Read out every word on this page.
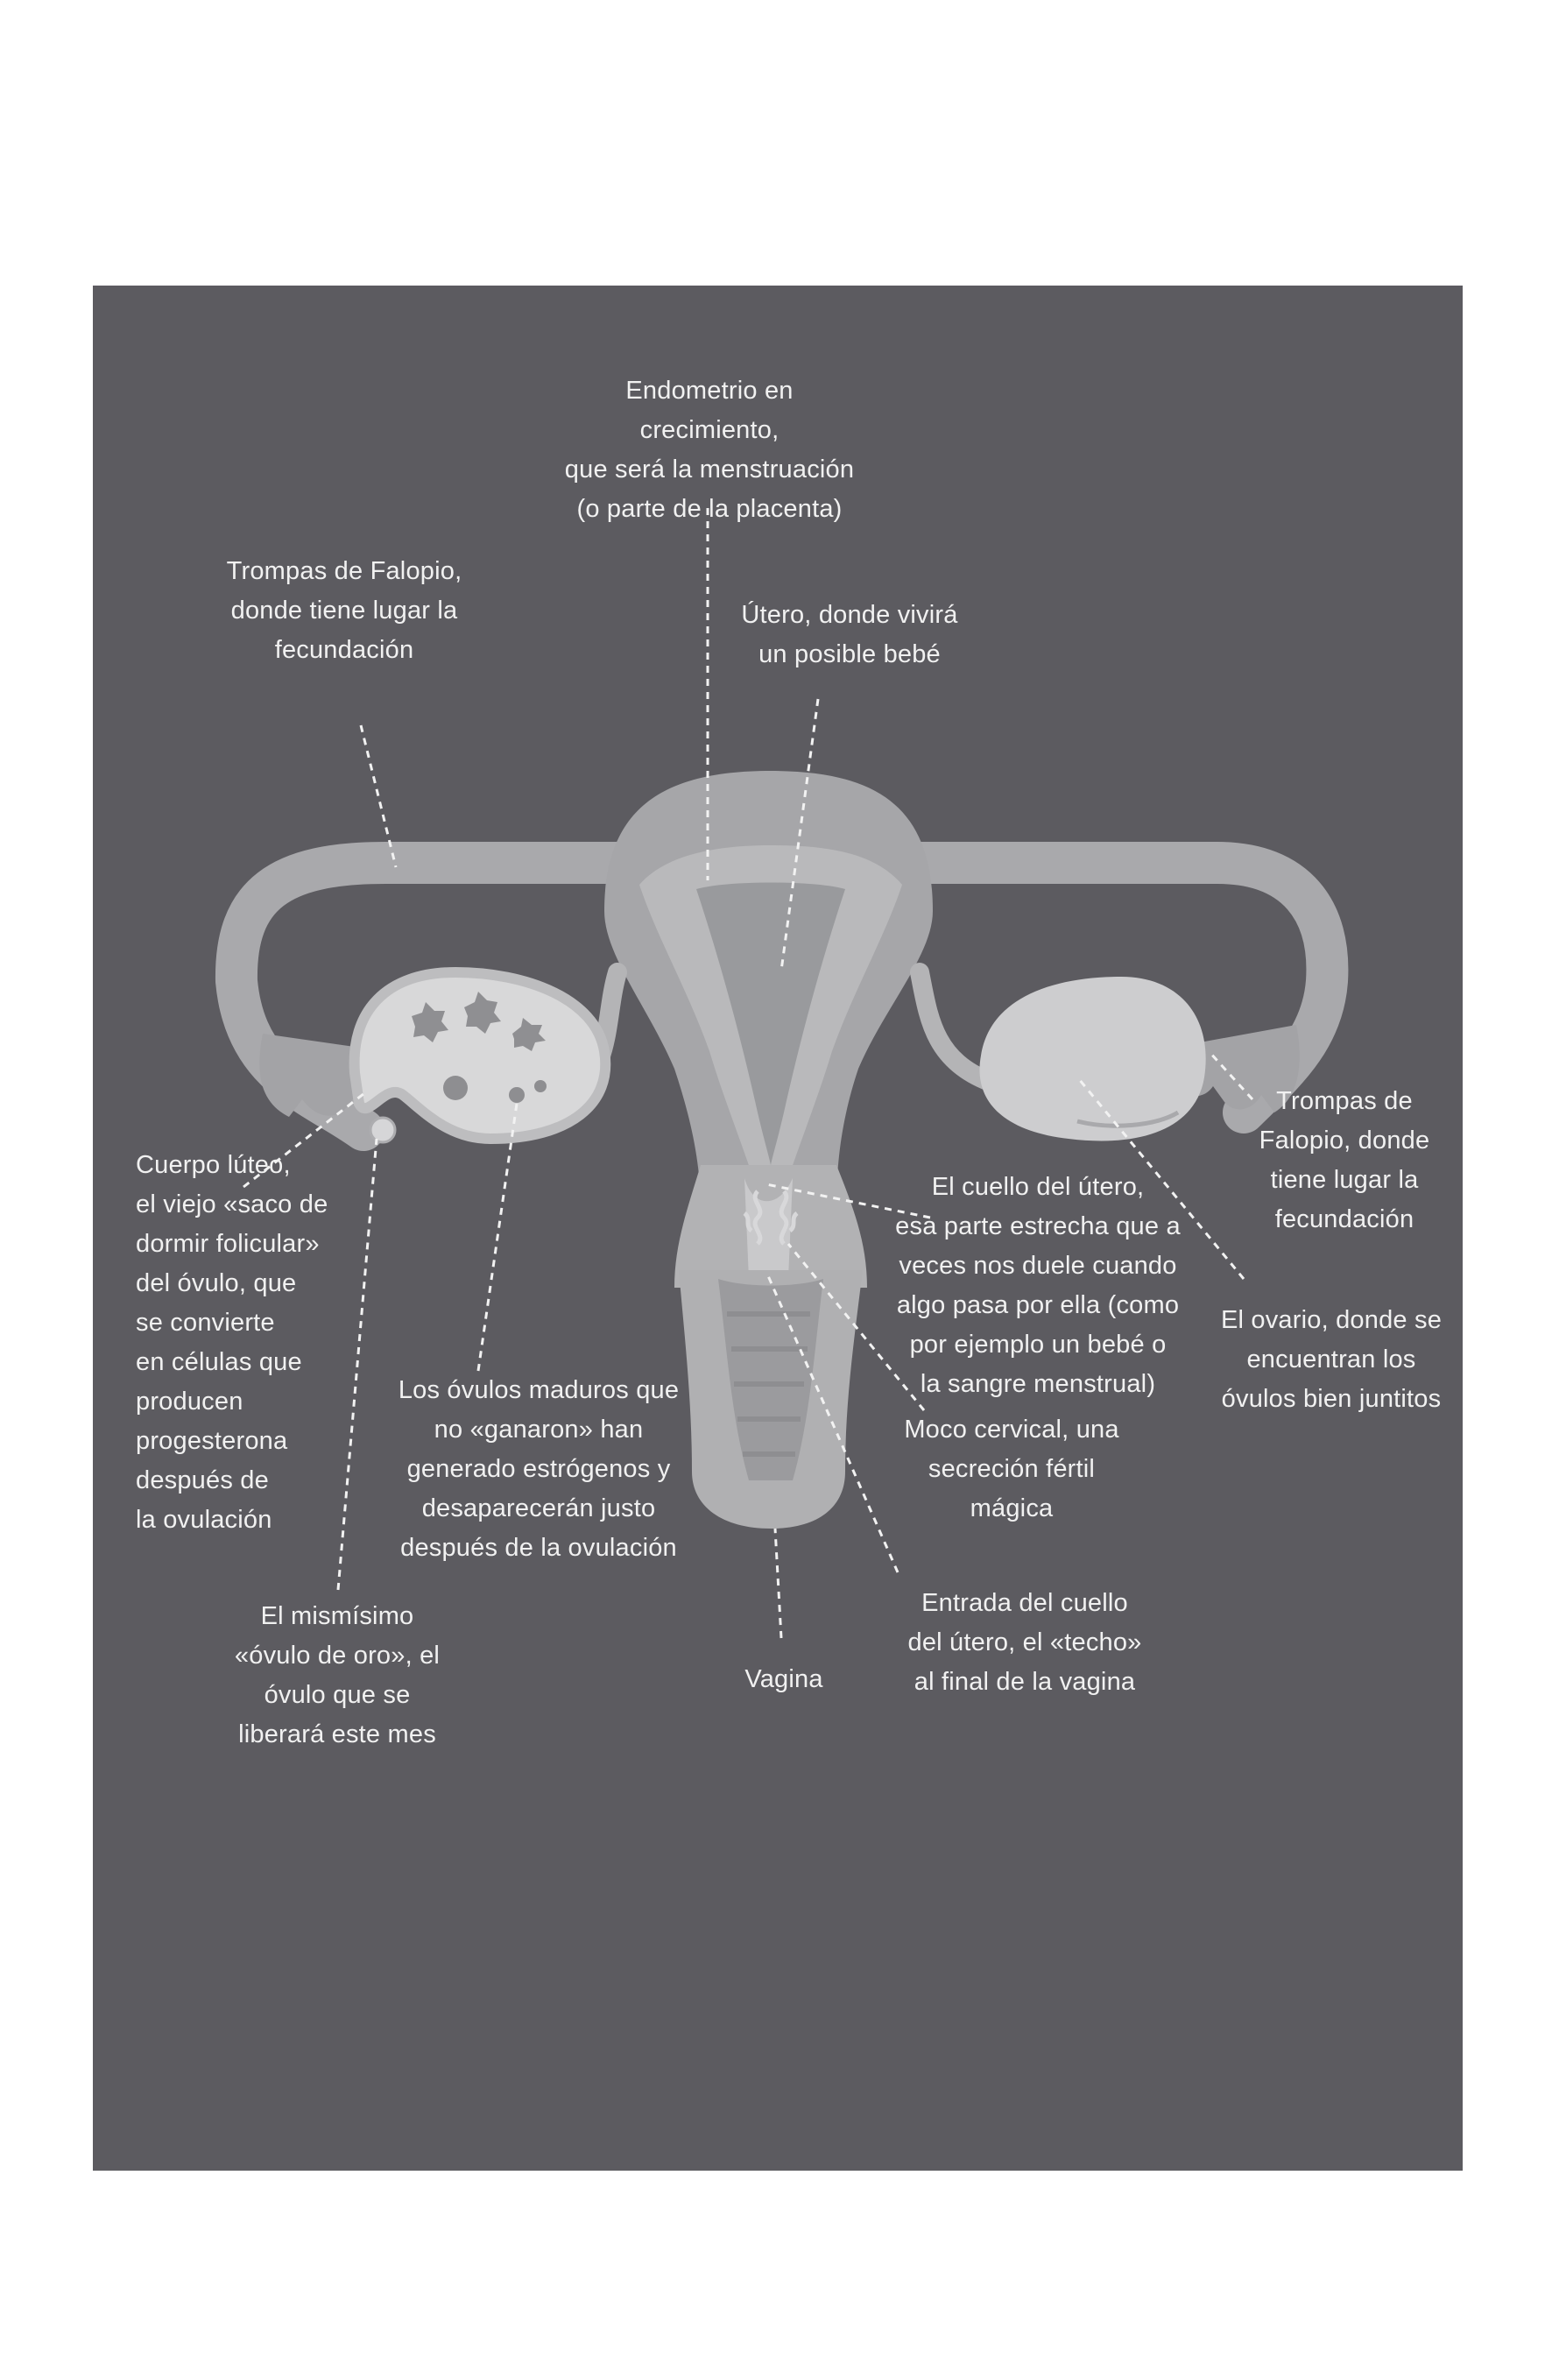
Endometrio en crecimiento,
que será la menstruación
(o parte de la placenta)
Trompas de Falopio,
donde tiene lugar la
fecundación
Útero, donde vivirá
un posible bebé
Trompas de
Falopio, donde
tiene lugar la
fecundación
Cuerpo lúteo,
el viejo «saco de
dormir folicular»
del óvulo, que
se convierte
en células que
producen
progesterona
después de
la ovulación
El cuello del útero,
esa parte estrecha que a
veces nos duele cuando
algo pasa por ella (como
por ejemplo un bebé o
la sangre menstrual)
El ovario, donde se
encuentran los
óvulos bien juntitos
Los óvulos maduros que
no «ganaron» han
generado estrógenos y
desaparecerán justo
después de la ovulación
Moco cervical, una
secreción fértil
mágica
El mismísimo
«óvulo de oro», el
óvulo que se
liberará este mes
Vagina
Entrada del cuello
del útero, el «techo»
al final de la vagina
